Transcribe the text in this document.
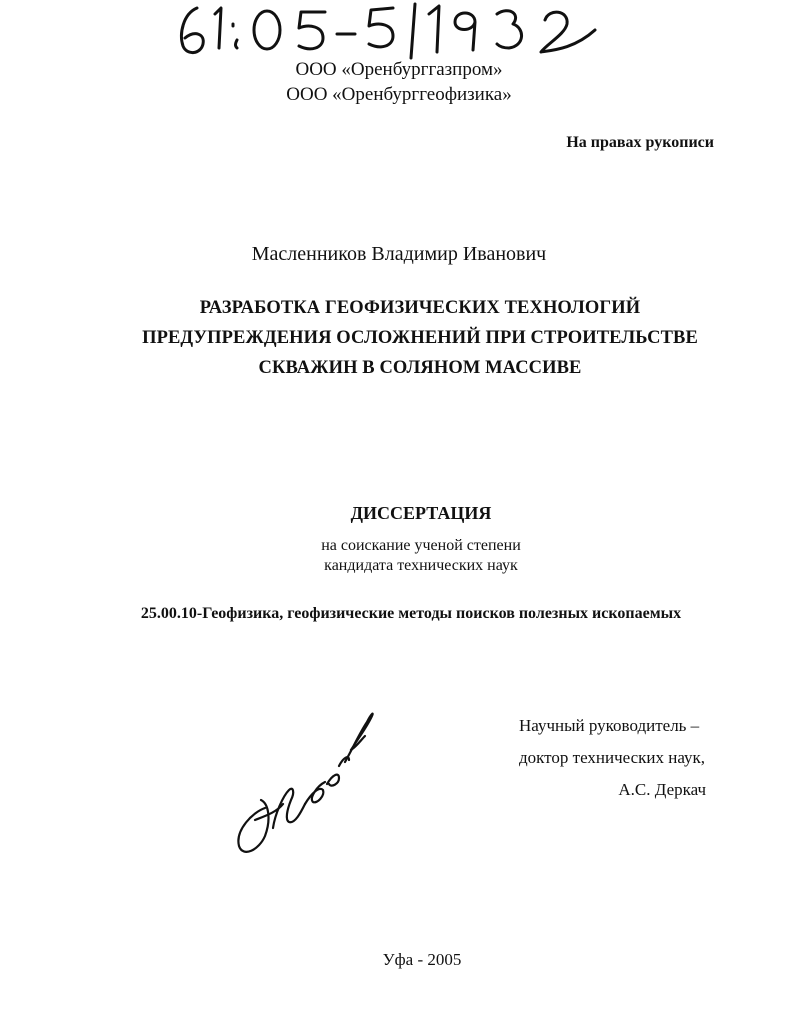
ООО «Оренбурггазпром»
ООО «Оренбурггеофизика»
На правах рукописи
Масленников Владимир Иванович
РАЗРАБОТКА ГЕОФИЗИЧЕСКИХ ТЕХНОЛОГИЙ
ПРЕДУПРЕЖДЕНИЯ ОСЛОЖНЕНИЙ ПРИ СТРОИТЕЛЬСТВЕ
СКВАЖИН В СОЛЯНОМ МАССИВЕ
ДИССЕРТАЦИЯ
на соискание ученой степени
кандидата технических наук
25.00.10-Геофизика, геофизические методы поисков полезных ископаемых
Научный руководитель –
доктор технических наук,
А.С. Деркач
Уфа - 2005
